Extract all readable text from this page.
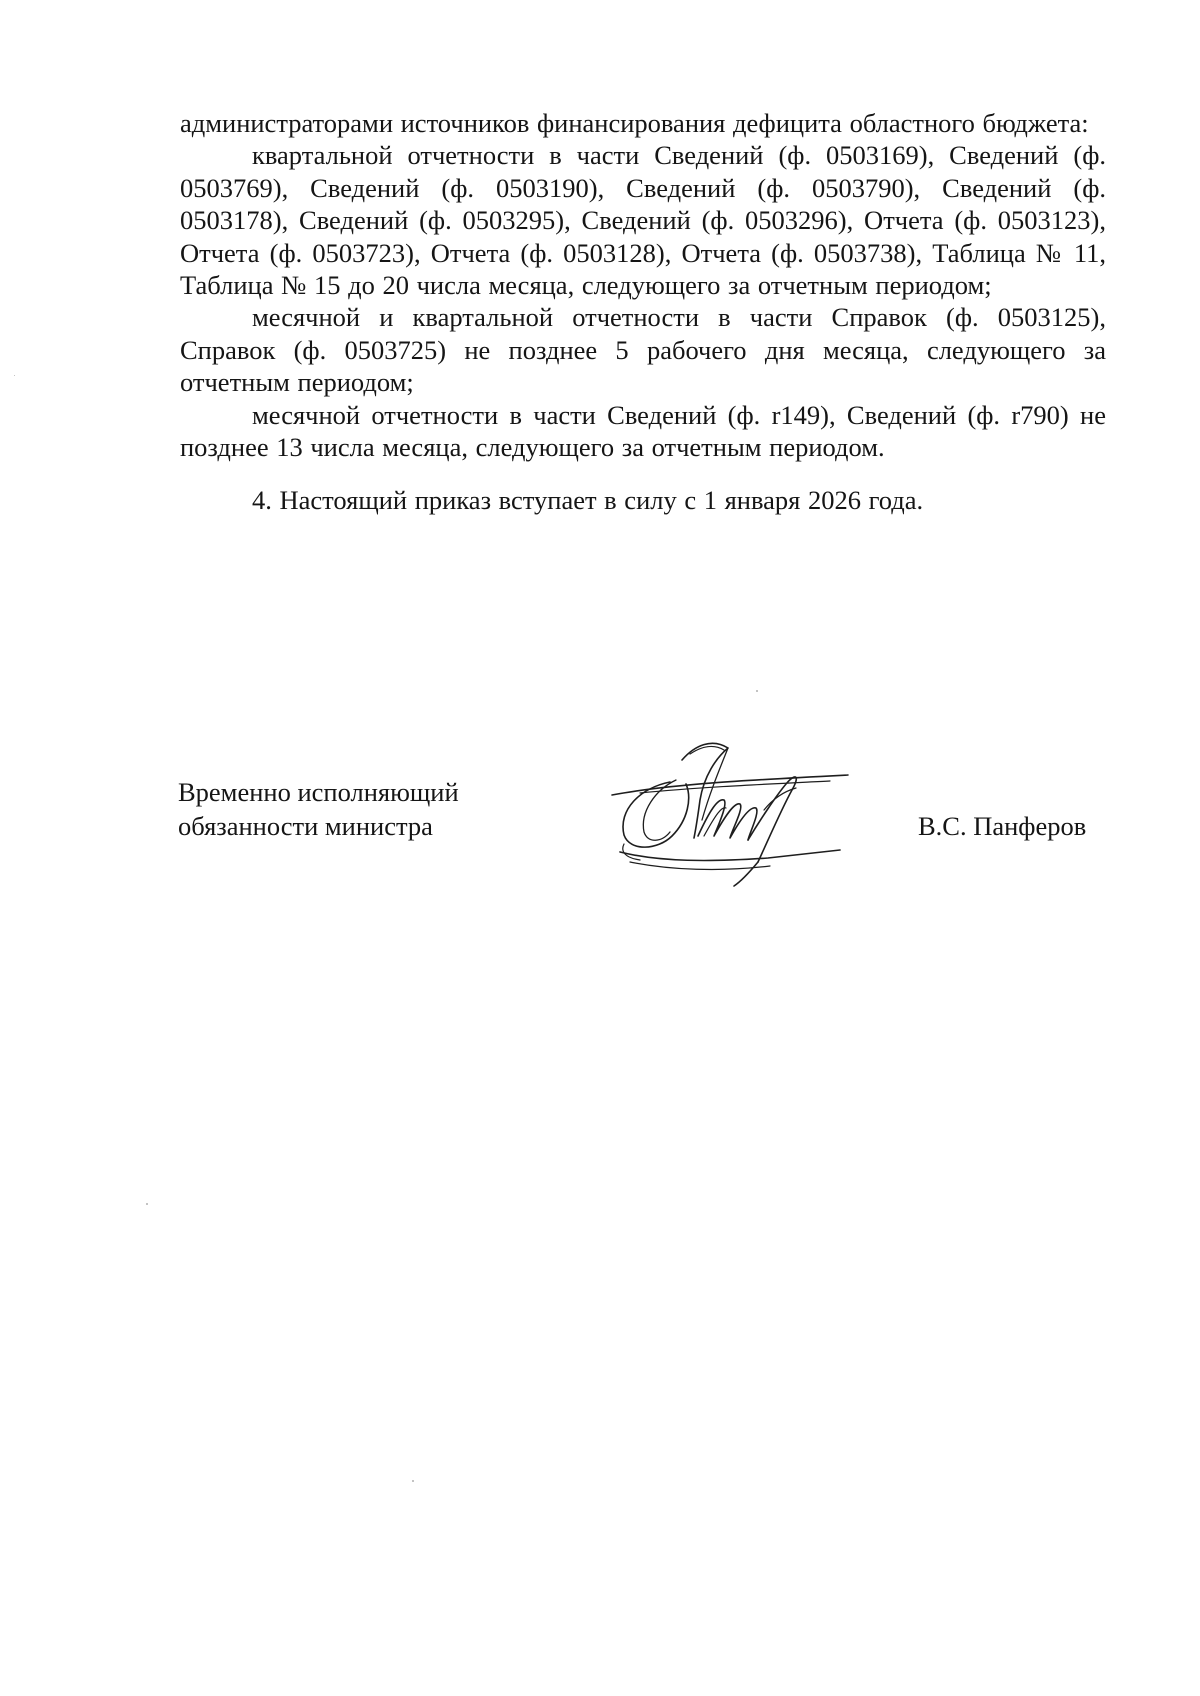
администраторами источников финансирования дефицита областного бюджета:

квартальной отчетности в части Сведений (ф. 0503169), Сведений (ф. 0503769), Сведений (ф. 0503190), Сведений (ф. 0503790), Сведений (ф. 0503178), Сведений (ф. 0503295), Сведений (ф. 0503296), Отчета (ф. 0503123), Отчета (ф. 0503723), Отчета (ф. 0503128), Отчета (ф. 0503738), Таблица № 11, Таблица № 15 до 20 числа месяца, следующего за отчетным периодом;

месячной и квартальной отчетности в части Справок (ф. 0503125), Справок (ф. 0503725) не позднее 5 рабочего дня месяца, следующего за отчетным периодом;

месячной отчетности в части Сведений (ф. r149), Сведений (ф. r790) не позднее 13 числа месяца, следующего за отчетным периодом.

4. Настоящий приказ вступает в силу с 1 января 2026 года.

Временно исполняющий
обязанности министра	В.С. Панферов
